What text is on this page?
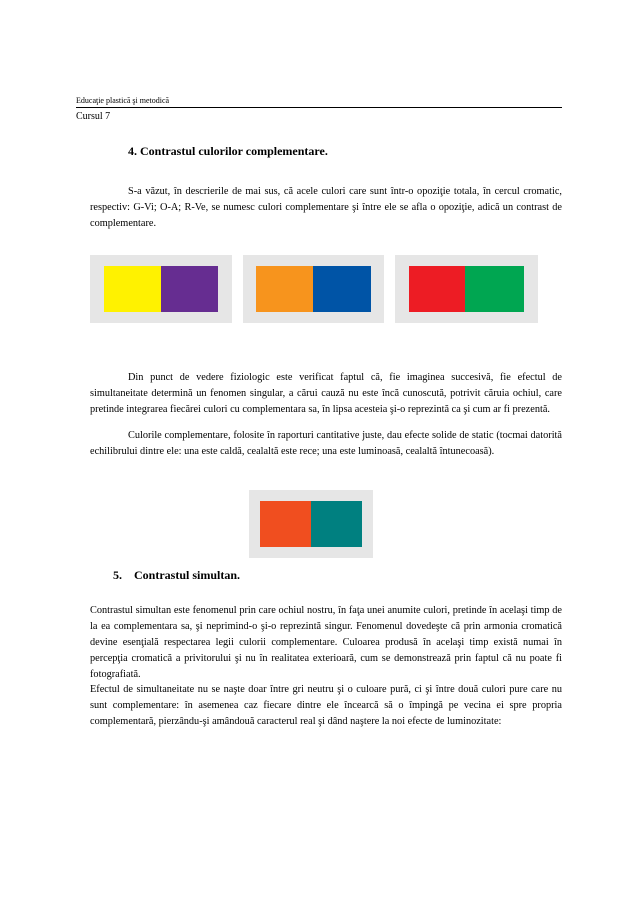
Educaţie plastică şi metodică
Cursul 7
4. Contrastul culorilor complementare.

S-a văzut, în descrierile de mai sus, că acele culori care sunt într-o opoziţie totala, în cercul cromatic, respectiv: G-Vi; O-A; R-Ve, se numesc culori complementare şi între ele se afla o opoziţie, adică un contrast de complementare.

Din punct de vedere fiziologic este verificat faptul că, fie imaginea succesivă, fie efectul de simultaneitate determină un fenomen singular, a cărui cauză nu este încă cunoscută, potrivit căruia ochiul, care pretinde integrarea fiecărei culori cu complementara sa, în lipsa acesteia şi-o reprezintă ca şi cum ar fi prezentă.

Culorile complementare, folosite în raporturi cantitative juste, dau efecte solide de static (tocmai datorită echilibrului dintre ele: una este caldă, cealaltă este rece; una este luminoasă, cealaltă întunecoasă).

5. Contrastul simultan.

Contrastul simultan este fenomenul prin care ochiul nostru, în faţa unei anumite culori, pretinde în acelaşi timp de la ea complementara sa, şi neprimind-o şi-o reprezintă singur. Fenomenul dovedeşte că prin armonia cromatică devine esenţială respectarea legii culorii complementare. Culoarea produsă în acelaşi timp există numai în percepţia cromatică a privitorului şi nu în realitatea exterioară, cum se demonstrează prin faptul că nu poate fi fotografiată.

Efectul de simultaneitate nu se naşte doar între gri neutru şi o culoare pură, ci şi între două culori pure care nu sunt complementare: în asemenea caz fiecare dintre ele încearcă să o împingă pe vecina ei spre propria complementară, pierzându-şi amândouă caracterul real şi dând naştere la noi efecte de luminozitate:
